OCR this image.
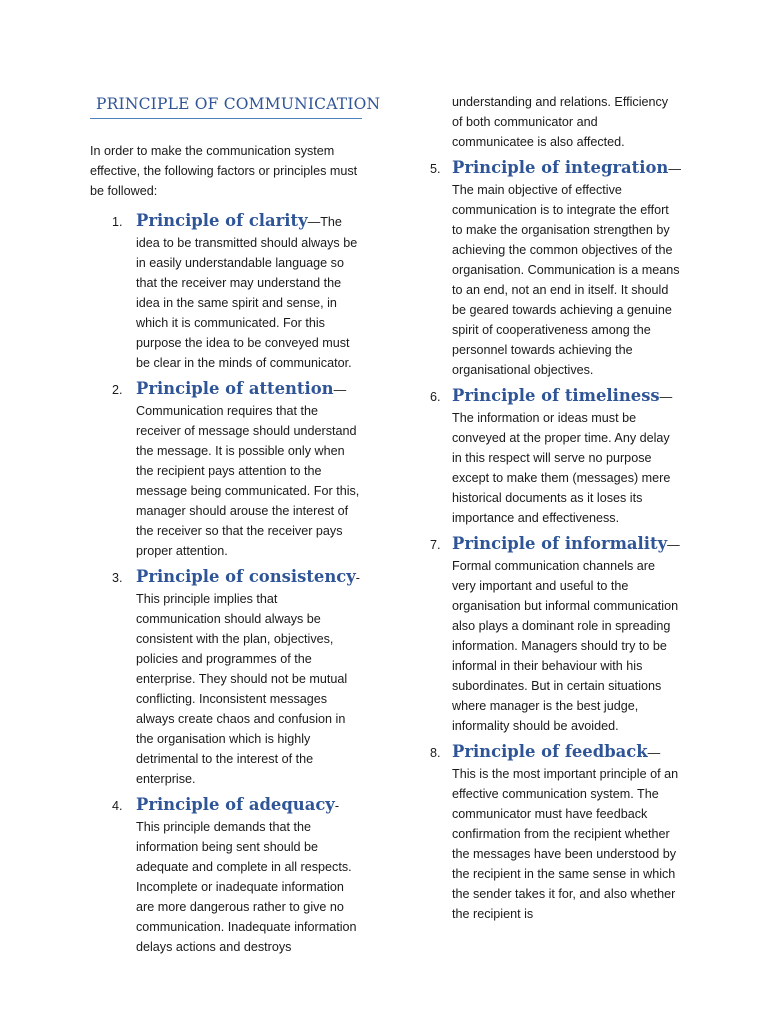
PRINCIPLE OF COMMUNICATION

In order to make the communication system effective, the following factors or principles must be followed:

1. Principle of clarity—The idea to be transmitted should always be in easily understandable language so that the receiver may understand the idea in the same spirit and sense, in which it is communicated. For this purpose the idea to be conveyed must be clear in the minds of communicator.
2. Principle of attention—Communication requires that the receiver of message should understand the message. It is possible only when the recipient pays attention to the message being communicated. For this, manager should arouse the interest of the receiver so that the receiver pays proper attention.
3. Principle of consistency-This principle implies that communication should always be consistent with the plan, objectives, policies and programmes of the enterprise. They should not be mutual conflicting. Inconsistent messages always create chaos and confusion in the organisation which is highly detrimental to the interest of the enterprise.
4. Principle of adequacy-This principle demands that the information being sent should be adequate and complete in all respects. Incomplete or inadequate information are more dangerous rather to give no communication. Inadequate information delays actions and destroys

understanding and relations. Efficiency of both communicator and communicatee is also affected.

5. Principle of integration—The main objective of effective communication is to integrate the effort to make the organisation strengthen by achieving the common objectives of the organisation. Communication is a means to an end, not an end in itself. It should be geared towards achieving a genuine spirit of cooperativeness among the personnel towards achieving the organisational objectives.
6. Principle of timeliness—The information or ideas must be conveyed at the proper time. Any delay in this respect will serve no purpose except to make them (messages) mere historical documents as it loses its importance and effectiveness.
7. Principle of informality—Formal communication channels are very important and useful to the organisation but informal communication also plays a dominant role in spreading information. Managers should try to be informal in their behaviour with his subordinates. But in certain situations where manager is the best judge, informality should be avoided.
8. Principle of feedback—This is the most important principle of an effective communication system. The communicator must have feedback confirmation from the recipient whether the messages have been understood by the recipient in the same sense in which the sender takes it for, and also whether the recipient is
